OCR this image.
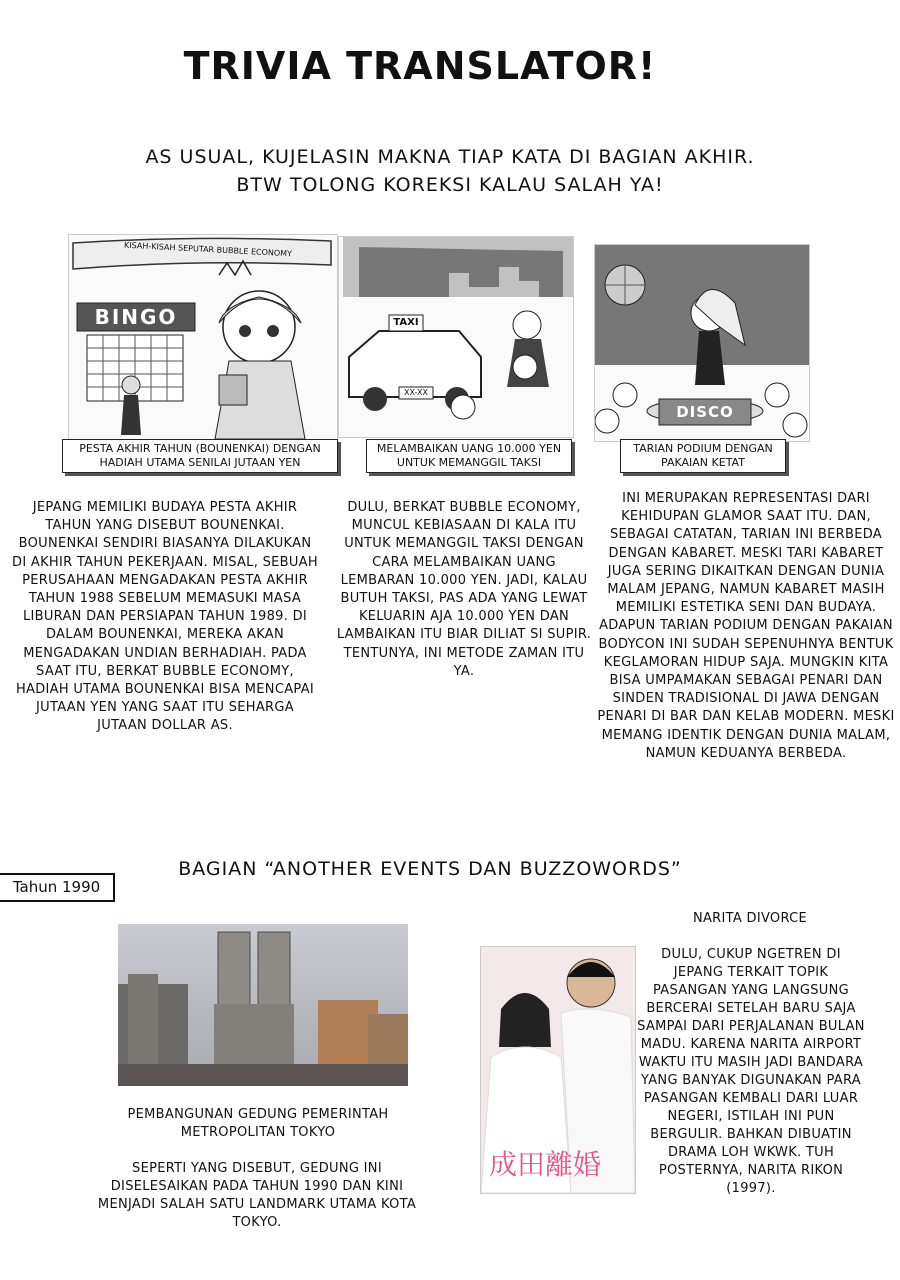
TRIVIA TRANSLATOR!
AS USUAL, KUJELASIN MAKNA TIAP KATA DI BAGIAN AKHIR.
BTW TOLONG KOREKSI KALAU SALAH YA!
BINGO
KISAH-KISAH SEPUTAR BUBBLE ECONOMY
PESTA AKHIR TAHUN (BOUNENKAI) DENGAN HADIAH UTAMA SENILAI JUTAAN YEN
TAXI
XX-XX
MELAMBAIKAN UANG 10.000 YEN UNTUK MEMANGGIL TAKSI
DISCO
TARIAN PODIUM DENGAN PAKAIAN KETAT
JEPANG MEMILIKI BUDAYA PESTA AKHIR TAHUN YANG DISEBUT BOUNENKAI. BOUNENKAI SENDIRI BIASANYA DILAKUKAN DI AKHIR TAHUN PEKERJAAN. MISAL, SEBUAH PERUSAHAAN MENGADAKAN PESTA AKHIR TAHUN 1988 SEBELUM MEMASUKI MASA LIBURAN DAN PERSIAPAN TAHUN 1989. DI DALAM BOUNENKAI, MEREKA AKAN MENGADAKAN UNDIAN BERHADIAH. PADA SAAT ITU, BERKAT BUBBLE ECONOMY, HADIAH UTAMA BOUNENKAI BISA MENCAPAI JUTAAN YEN YANG SAAT ITU SEHARGA JUTAAN DOLLAR AS.
DULU, BERKAT BUBBLE ECONOMY, MUNCUL KEBIASAAN DI KALA ITU UNTUK MEMANGGIL TAKSI DENGAN CARA MELAMBAIKAN UANG LEMBARAN 10.000 YEN. JADI, KALAU BUTUH TAKSI, PAS ADA YANG LEWAT KELUARIN AJA 10.000 YEN DAN LAMBAIKAN ITU BIAR DILIAT SI SUPIR. TENTUNYA, INI METODE ZAMAN ITU YA.
INI MERUPAKAN REPRESENTASI DARI KEHIDUPAN GLAMOR SAAT ITU. DAN, SEBAGAI CATATAN, TARIAN INI BERBEDA DENGAN KABARET. MESKI TARI KABARET JUGA SERING DIKAITKAN DENGAN DUNIA MALAM JEPANG, NAMUN KABARET MASIH MEMILIKI ESTETIKA SENI DAN BUDAYA. ADAPUN TARIAN PODIUM DENGAN PAKAIAN BODYCON INI SUDAH SEPENUHNYA BENTUK KEGLAMORAN HIDUP SAJA. MUNGKIN KITA BISA UMPAMAKAN SEBAGAI PENARI DAN SINDEN TRADISIONAL DI JAWA DENGAN PENARI DI BAR DAN KELAB MODERN. MESKI MEMANG IDENTIK DENGAN DUNIA MALAM, NAMUN KEDUANYA BERBEDA.
BAGIAN “ANOTHER EVENTS DAN BUZZOWORDS”
Tahun 1990
PEMBANGUNAN GEDUNG PEMERINTAH METROPOLITAN TOKYO
SEPERTI YANG DISEBUT, GEDUNG INI DISELESAIKAN PADA TAHUN 1990 DAN KINI MENJADI SALAH SATU LANDMARK UTAMA KOTA TOKYO.
成田離婚
NARITA DIVORCE
DULU, CUKUP NGETREN DI JEPANG TERKAIT TOPIK PASANGAN YANG LANGSUNG BERCERAI SETELAH BARU SAJA SAMPAI DARI PERJALANAN BULAN MADU. KARENA NARITA AIRPORT WAKTU ITU MASIH JADI BANDARA YANG BANYAK DIGUNAKAN PARA PASANGAN KEMBALI DARI LUAR NEGERI, ISTILAH INI PUN BERGULIR. BAHKAN DIBUATIN DRAMA LOH WKWK. TUH POSTERNYA, NARITA RIKON (1997).
